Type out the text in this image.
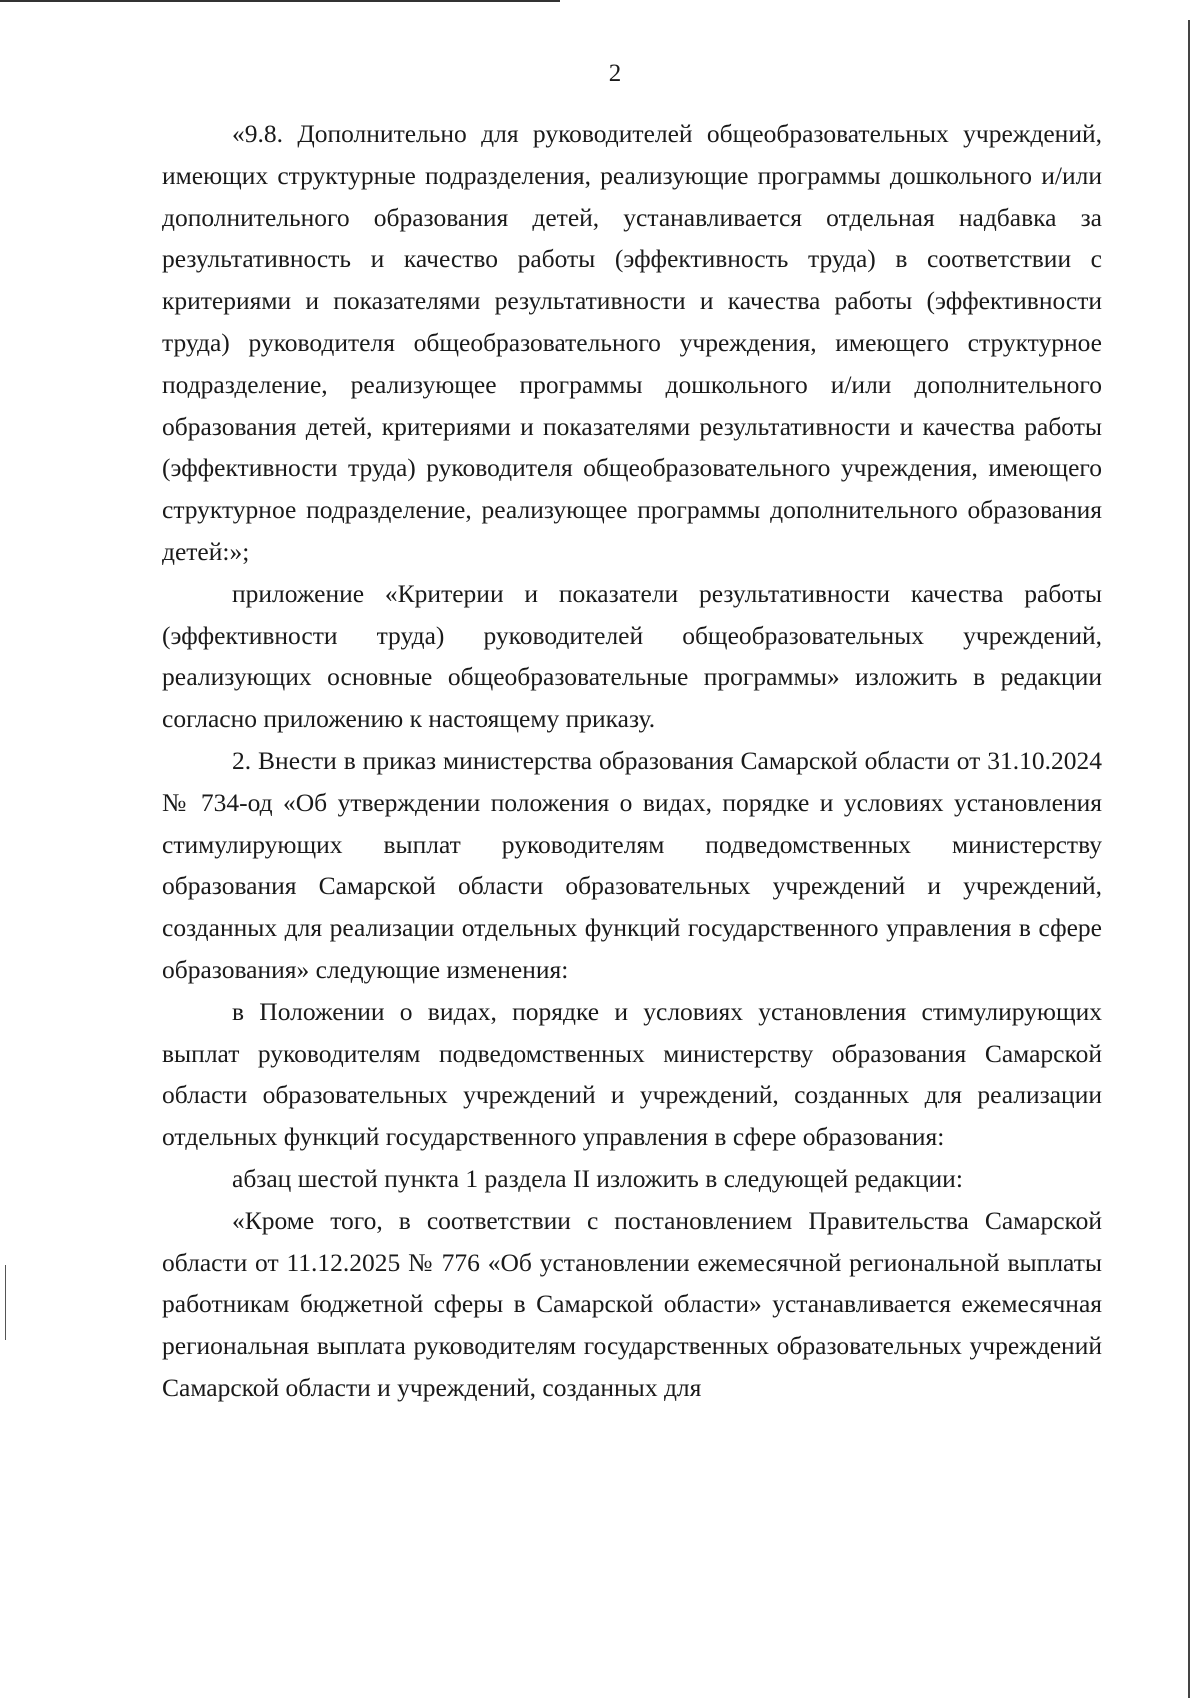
2

«9.8. Дополнительно для руководителей общеобразовательных учреждений, имеющих структурные подразделения, реализующие программы дошкольного и/или дополнительного образования детей, устанавливается отдельная надбавка за результативность и качество работы (эффективность труда) в соответствии с критериями и показателями результативности и качества работы (эффективности труда) руководителя общеобразовательного учреждения, имеющего структурное подразделение, реализующее программы дошкольного и/или дополнительного образования детей, критериями и показателями результативности и качества работы (эффективности труда) руководителя общеобразовательного учреждения, имеющего структурное подразделение, реализующее программы дополнительного образования детей:»;

приложение «Критерии и показатели результативности качества работы (эффективности труда) руководителей общеобразовательных учреждений, реализующих основные общеобразовательные программы» изложить в редакции согласно приложению к настоящему приказу.

2. Внести в приказ министерства образования Самарской области от 31.10.2024 № 734-од «Об утверждении положения о видах, порядке и условиях установления стимулирующих выплат руководителям подведомственных министерству образования Самарской области образовательных учреждений и учреждений, созданных для реализации отдельных функций государственного управления в сфере образования» следующие изменения:

в Положении о видах, порядке и условиях установления стимулирующих выплат руководителям подведомственных министерству образования Самарской области образовательных учреждений и учреждений, созданных для реализации отдельных функций государственного управления в сфере образования:

абзац шестой пункта 1 раздела II изложить в следующей редакции:

«Кроме того, в соответствии с постановлением Правительства Самарской области от 11.12.2025 № 776 «Об установлении ежемесячной региональной выплаты работникам бюджетной сферы в Самарской области» устанавливается ежемесячная региональная выплата руководителям государственных образовательных учреждений Самарской области и учреждений, созданных для
